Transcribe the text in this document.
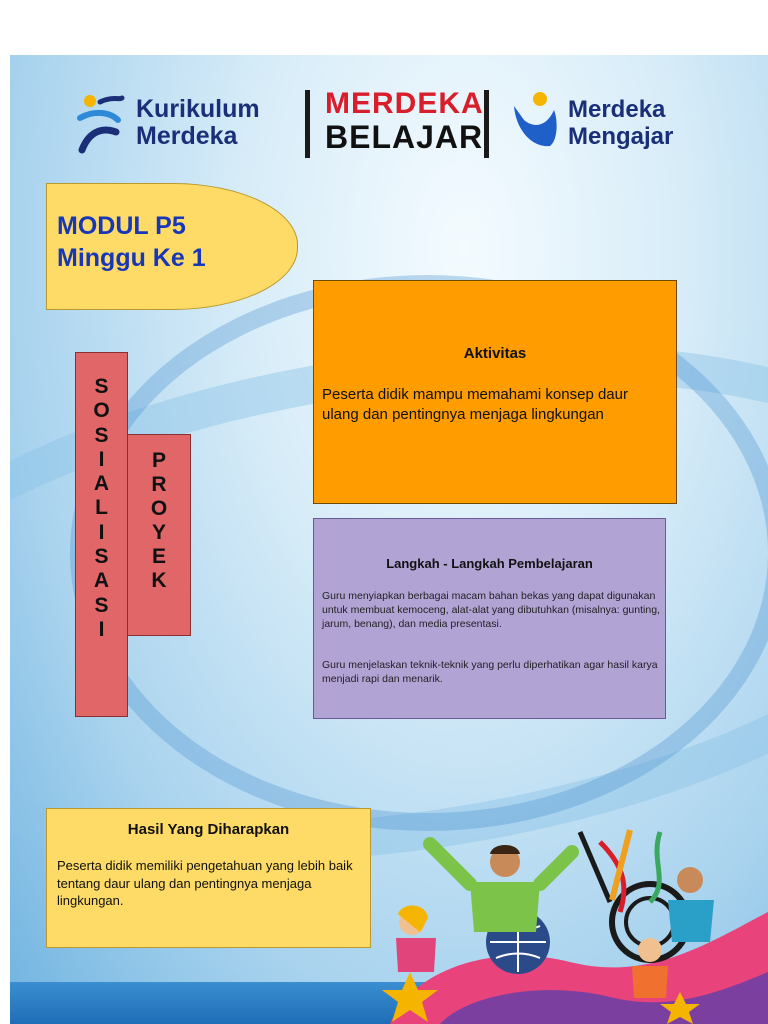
Kurikulum
Merdeka
MERDEKA
BELAJAR
Merdeka
Mengajar
MODUL P5
Minggu Ke 1
S
O
S
I
A
L
I
S
A
S
I
P
R
O
Y
E
K
Aktivitas
Peserta didik mampu memahami konsep daur ulang dan pentingnya menjaga lingkungan
Langkah - Langkah Pembelajaran
Guru menyiapkan berbagai macam bahan bekas yang dapat digunakan untuk membuat kemoceng, alat-alat yang dibutuhkan (misalnya: gunting, jarum, benang), dan media presentasi.
Guru menjelaskan teknik-teknik yang perlu diperhatikan agar hasil karya menjadi rapi dan menarik.
Hasil Yang Diharapkan
Peserta didik memiliki pengetahuan yang lebih baik tentang daur ulang dan pentingnya menjaga lingkungan.
